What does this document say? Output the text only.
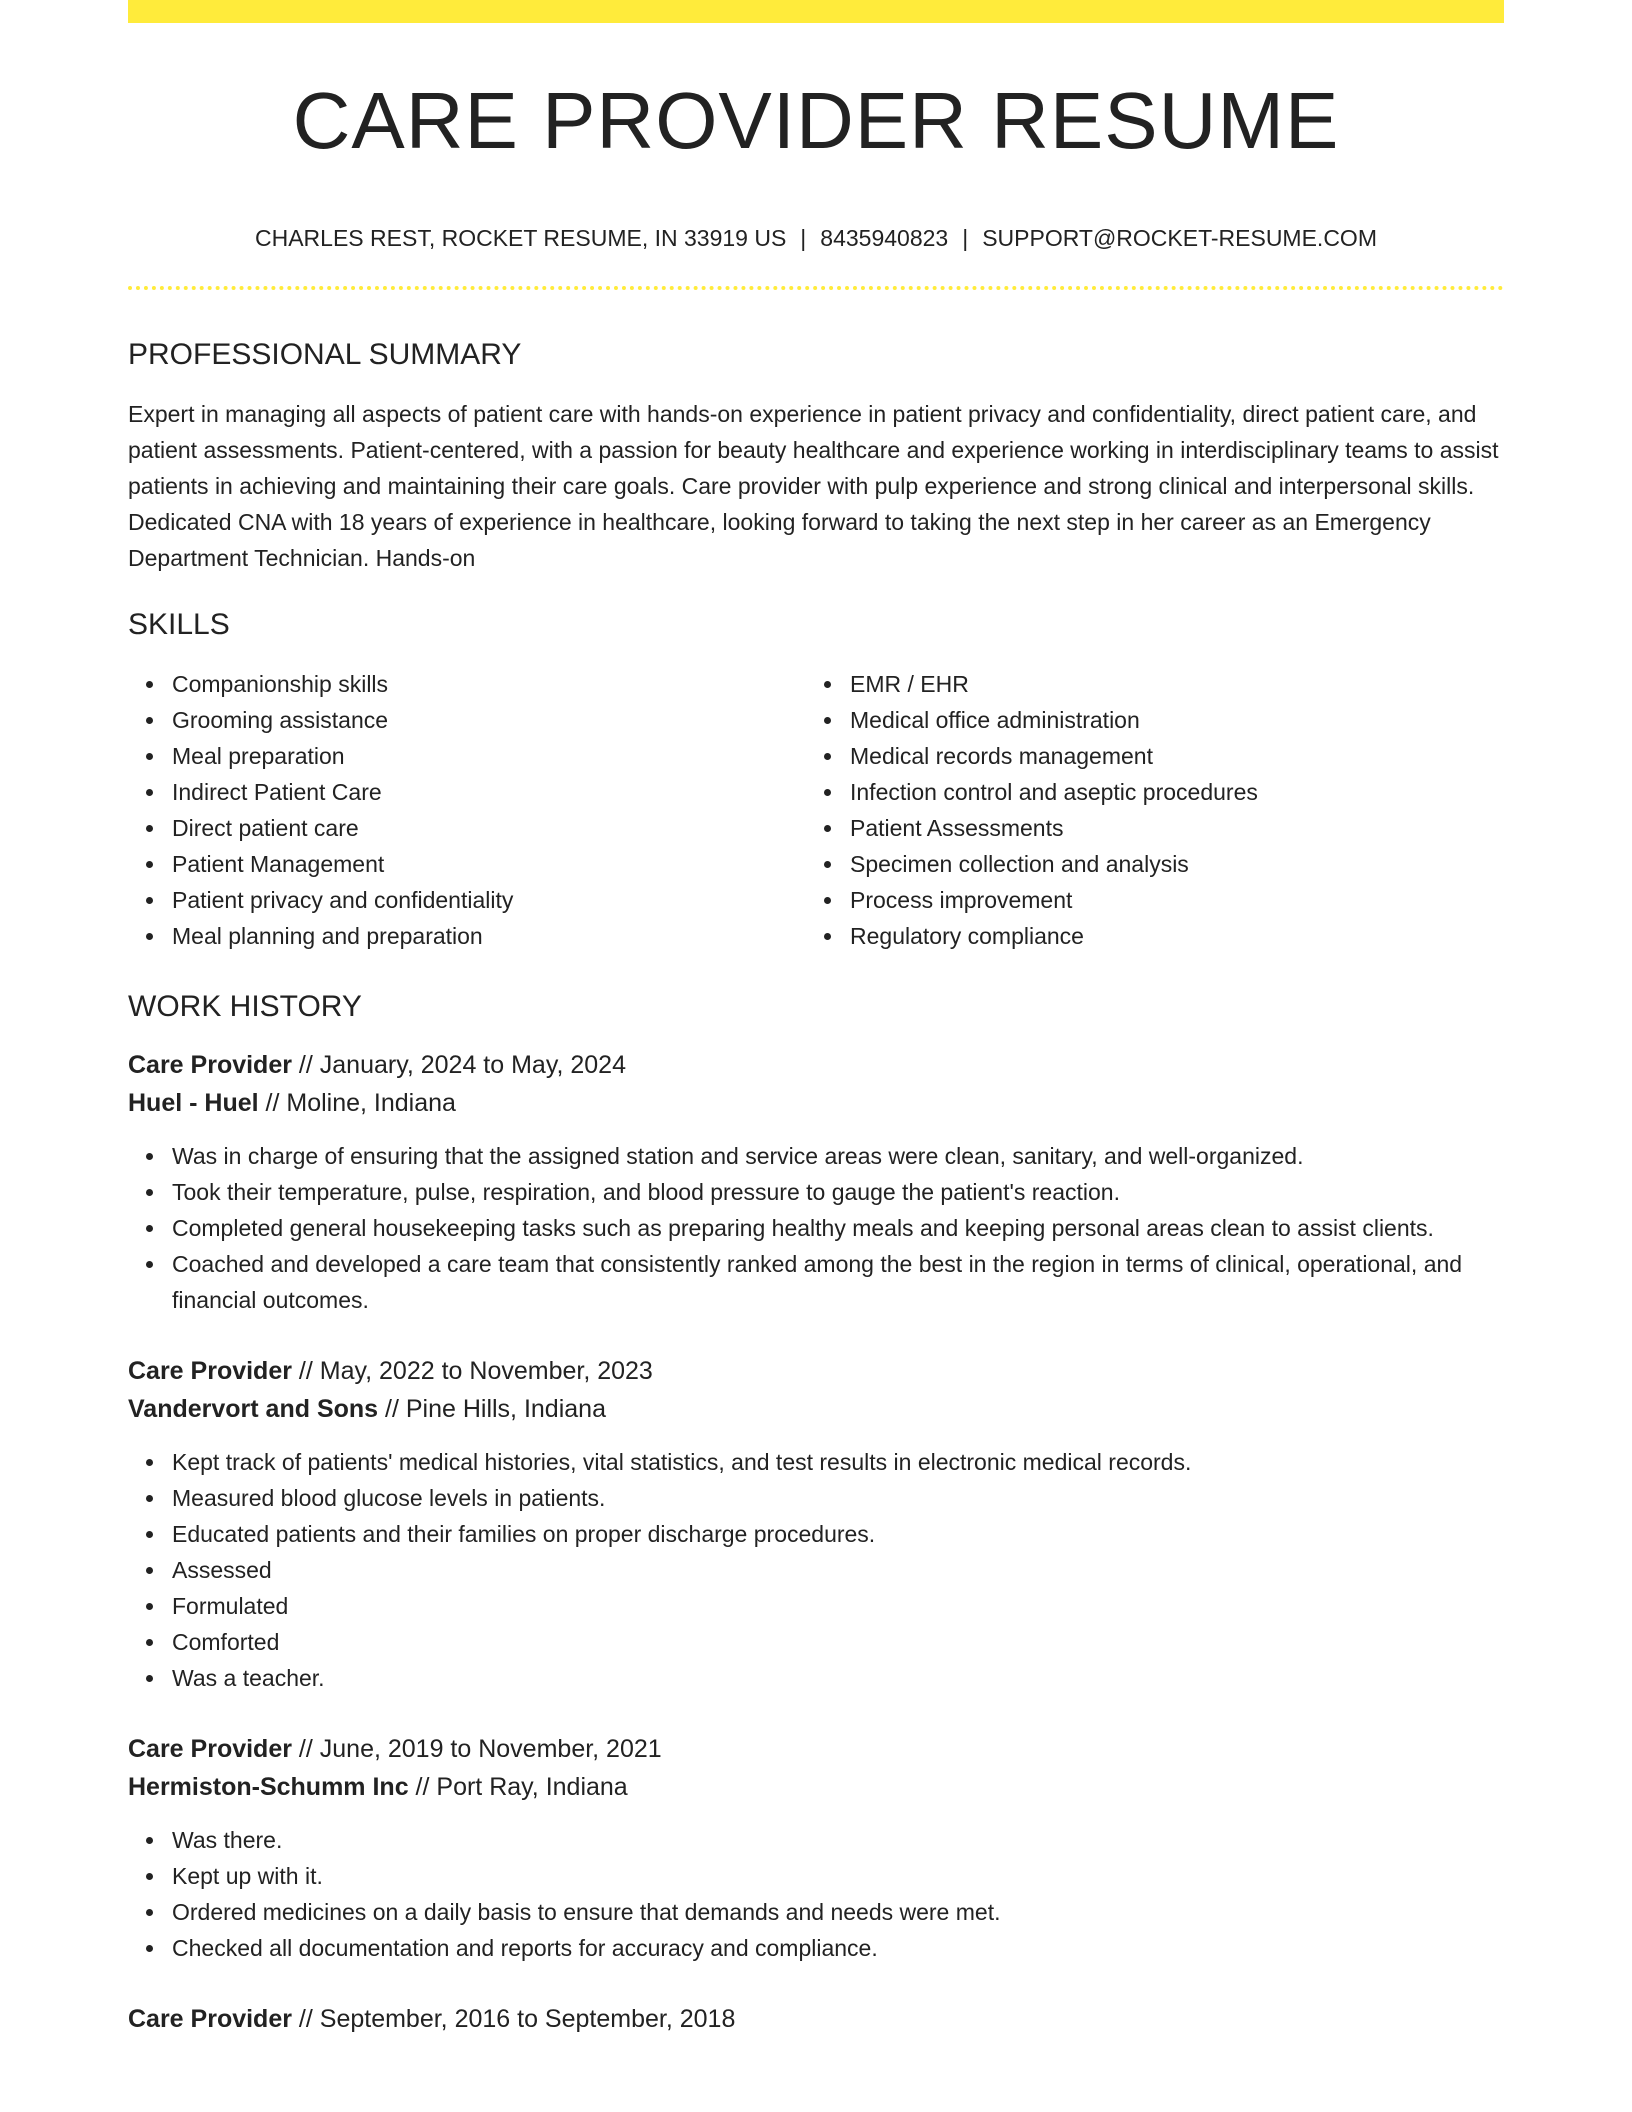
CARE PROVIDER RESUME
CHARLES REST, ROCKET RESUME, IN 33919 US | 8435940823 | SUPPORT@ROCKET-RESUME.COM
PROFESSIONAL SUMMARY
Expert in managing all aspects of patient care with hands-on experience in patient privacy and confidentiality, direct patient care, and patient assessments. Patient-centered, with a passion for beauty healthcare and experience working in interdisciplinary teams to assist patients in achieving and maintaining their care goals. Care provider with pulp experience and strong clinical and interpersonal skills. Dedicated CNA with 18 years of experience in healthcare, looking forward to taking the next step in her career as an Emergency Department Technician. Hands-on
SKILLS
Companionship skills
Grooming assistance
Meal preparation
Indirect Patient Care
Direct patient care
Patient Management
Patient privacy and confidentiality
Meal planning and preparation
EMR / EHR
Medical office administration
Medical records management
Infection control and aseptic procedures
Patient Assessments
Specimen collection and analysis
Process improvement
Regulatory compliance
WORK HISTORY
Care Provider // January, 2024 to May, 2024
Huel - Huel // Moline, Indiana
Was in charge of ensuring that the assigned station and service areas were clean, sanitary, and well-organized.
Took their temperature, pulse, respiration, and blood pressure to gauge the patient's reaction.
Completed general housekeeping tasks such as preparing healthy meals and keeping personal areas clean to assist clients.
Coached and developed a care team that consistently ranked among the best in the region in terms of clinical, operational, and financial outcomes.
Care Provider // May, 2022 to November, 2023
Vandervort and Sons // Pine Hills, Indiana
Kept track of patients' medical histories, vital statistics, and test results in electronic medical records.
Measured blood glucose levels in patients.
Educated patients and their families on proper discharge procedures.
Assessed
Formulated
Comforted
Was a teacher.
Care Provider // June, 2019 to November, 2021
Hermiston-Schumm Inc // Port Ray, Indiana
Was there.
Kept up with it.
Ordered medicines on a daily basis to ensure that demands and needs were met.
Checked all documentation and reports for accuracy and compliance.
Care Provider // September, 2016 to September, 2018
